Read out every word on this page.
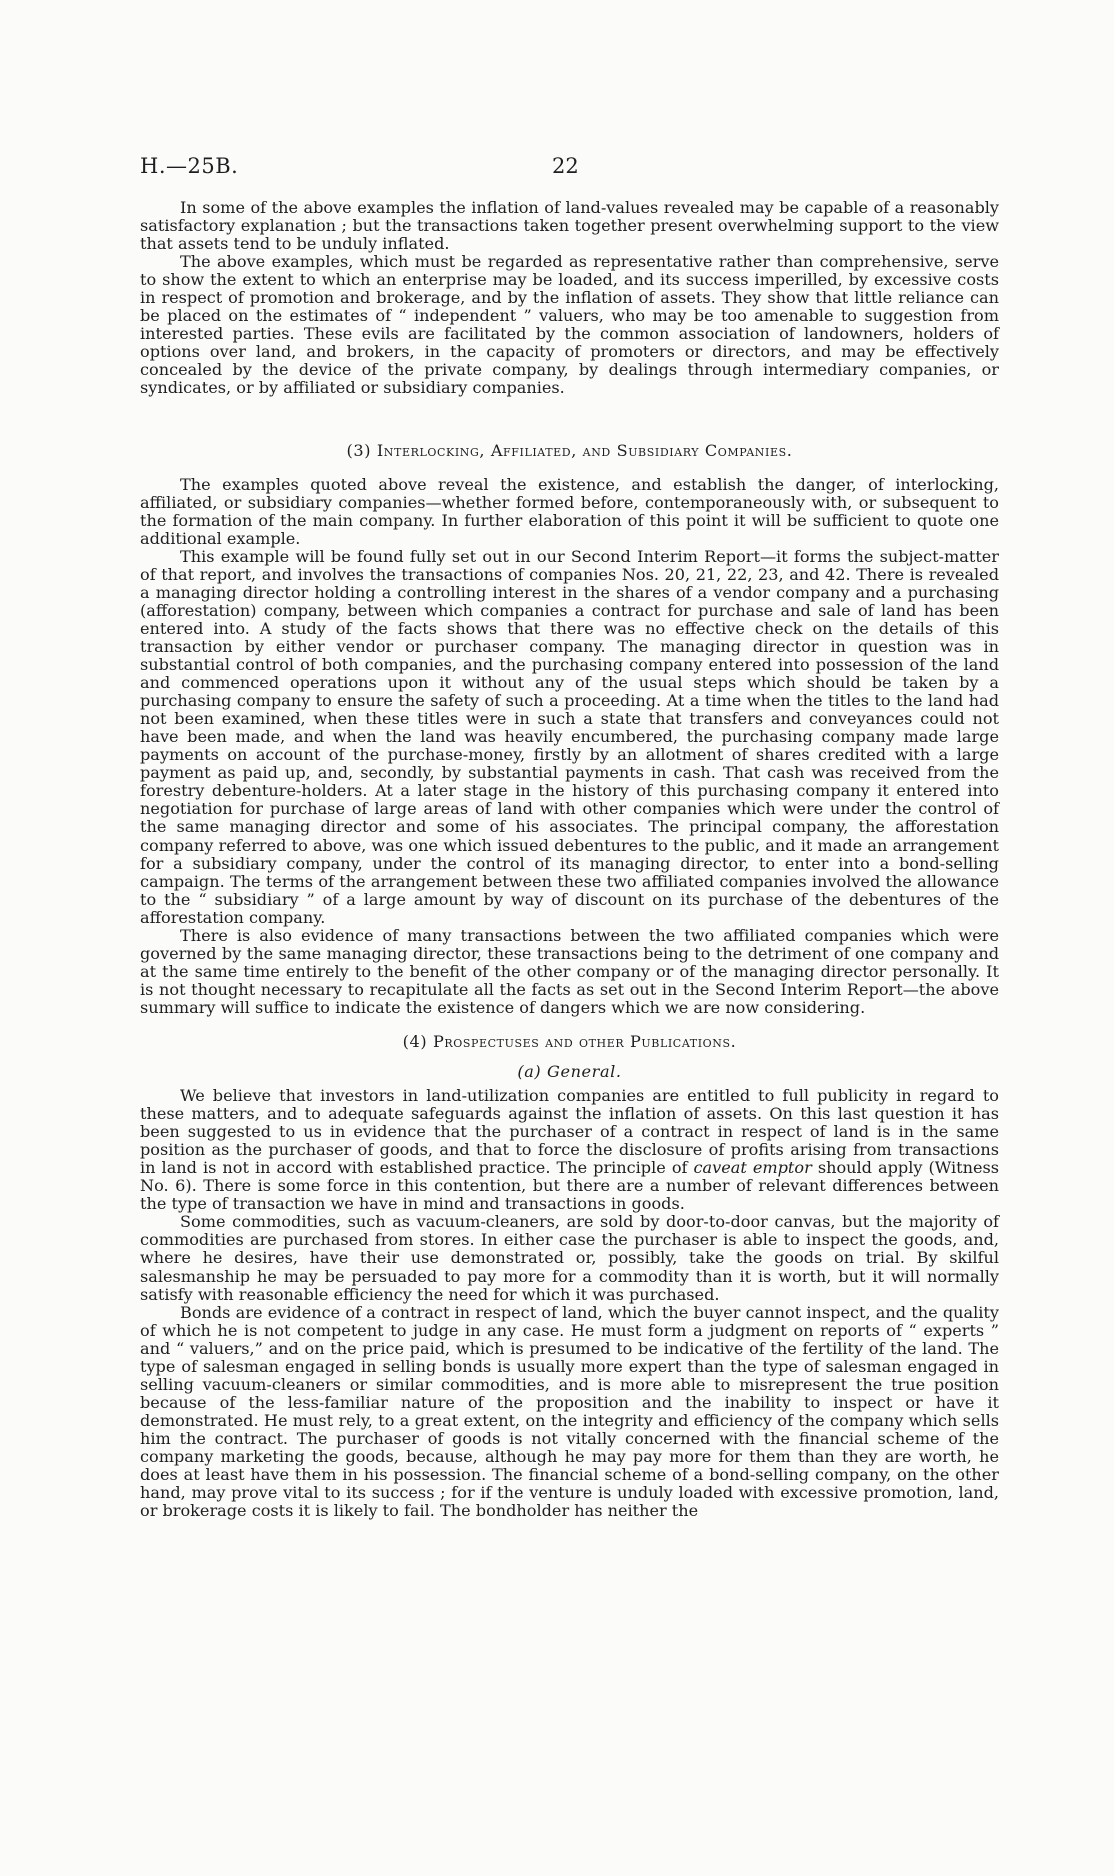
H.—25B.	22

In some of the above examples the inflation of land-values revealed may be capable of a reasonably satisfactory explanation ; but the transactions taken together present overwhelming support to the view that assets tend to be unduly inflated.

The above examples, which must be regarded as representative rather than comprehensive, serve to show the extent to which an enterprise may be loaded, and its success imperilled, by excessive costs in respect of promotion and brokerage, and by the inflation of assets. They show that little reliance can be placed on the estimates of “ independent ” valuers, who may be too amenable to suggestion from interested parties. These evils are facilitated by the common association of landowners, holders of options over land, and brokers, in the capacity of promoters or directors, and may be effectively concealed by the device of the private company, by dealings through intermediary companies, or syndicates, or by affiliated or subsidiary companies.

(3) Interlocking, Affiliated, and Subsidiary Companies.

The examples quoted above reveal the existence, and establish the danger, of interlocking, affiliated, or subsidiary companies—whether formed before, contemporaneously with, or subsequent to the formation of the main company. In further elaboration of this point it will be sufficient to quote one additional example.

This example will be found fully set out in our Second Interim Report—it forms the subject-matter of that report, and involves the transactions of companies Nos. 20, 21, 22, 23, and 42. There is revealed a managing director holding a controlling interest in the shares of a vendor company and a purchasing (afforestation) company, between which companies a contract for purchase and sale of land has been entered into. A study of the facts shows that there was no effective check on the details of this transaction by either vendor or purchaser company. The managing director in question was in substantial control of both companies, and the purchasing company entered into possession of the land and commenced operations upon it without any of the usual steps which should be taken by a purchasing company to ensure the safety of such a proceeding. At a time when the titles to the land had not been examined, when these titles were in such a state that transfers and conveyances could not have been made, and when the land was heavily encumbered, the purchasing company made large payments on account of the purchase-money, firstly by an allotment of shares credited with a large payment as paid up, and, secondly, by substantial payments in cash. That cash was received from the forestry debenture-holders. At a later stage in the history of this purchasing company it entered into negotiation for purchase of large areas of land with other companies which were under the control of the same managing director and some of his associates. The principal company, the afforestation company referred to above, was one which issued debentures to the public, and it made an arrangement for a subsidiary company, under the control of its managing director, to enter into a bond-selling campaign. The terms of the arrangement between these two affiliated companies involved the allowance to the “ subsidiary ” of a large amount by way of discount on its purchase of the debentures of the afforestation company.

There is also evidence of many transactions between the two affiliated companies which were governed by the same managing director, these transactions being to the detriment of one company and at the same time entirely to the benefit of the other company or of the managing director personally. It is not thought necessary to recapitulate all the facts as set out in the Second Interim Report—the above summary will suffice to indicate the existence of dangers which we are now considering.

(4) Prospectuses and other Publications.
(a) General.

We believe that investors in land-utilization companies are entitled to full publicity in regard to these matters, and to adequate safeguards against the inflation of assets. On this last question it has been suggested to us in evidence that the purchaser of a contract in respect of land is in the same position as the purchaser of goods, and that to force the disclosure of profits arising from transactions in land is not in accord with established practice. The principle of caveat emptor should apply (Witness No. 6). There is some force in this contention, but there are a number of relevant differences between the type of transaction we have in mind and transactions in goods.

Some commodities, such as vacuum-cleaners, are sold by door-to-door canvas, but the majority of commodities are purchased from stores. In either case the purchaser is able to inspect the goods, and, where he desires, have their use demonstrated or, possibly, take the goods on trial. By skilful salesmanship he may be persuaded to pay more for a commodity than it is worth, but it will normally satisfy with reasonable efficiency the need for which it was purchased.

Bonds are evidence of a contract in respect of land, which the buyer cannot inspect, and the quality of which he is not competent to judge in any case. He must form a judgment on reports of “ experts ” and “ valuers,” and on the price paid, which is presumed to be indicative of the fertility of the land. The type of salesman engaged in selling bonds is usually more expert than the type of salesman engaged in selling vacuum-cleaners or similar commodities, and is more able to misrepresent the true position because of the less-familiar nature of the proposition and the inability to inspect or have it demonstrated. He must rely, to a great extent, on the integrity and efficiency of the company which sells him the contract. The purchaser of goods is not vitally concerned with the financial scheme of the company marketing the goods, because, although he may pay more for them than they are worth, he does at least have them in his possession. The financial scheme of a bond-selling company, on the other hand, may prove vital to its success ; for if the venture is unduly loaded with excessive promotion, land, or brokerage costs it is likely to fail. The bondholder has neither the
